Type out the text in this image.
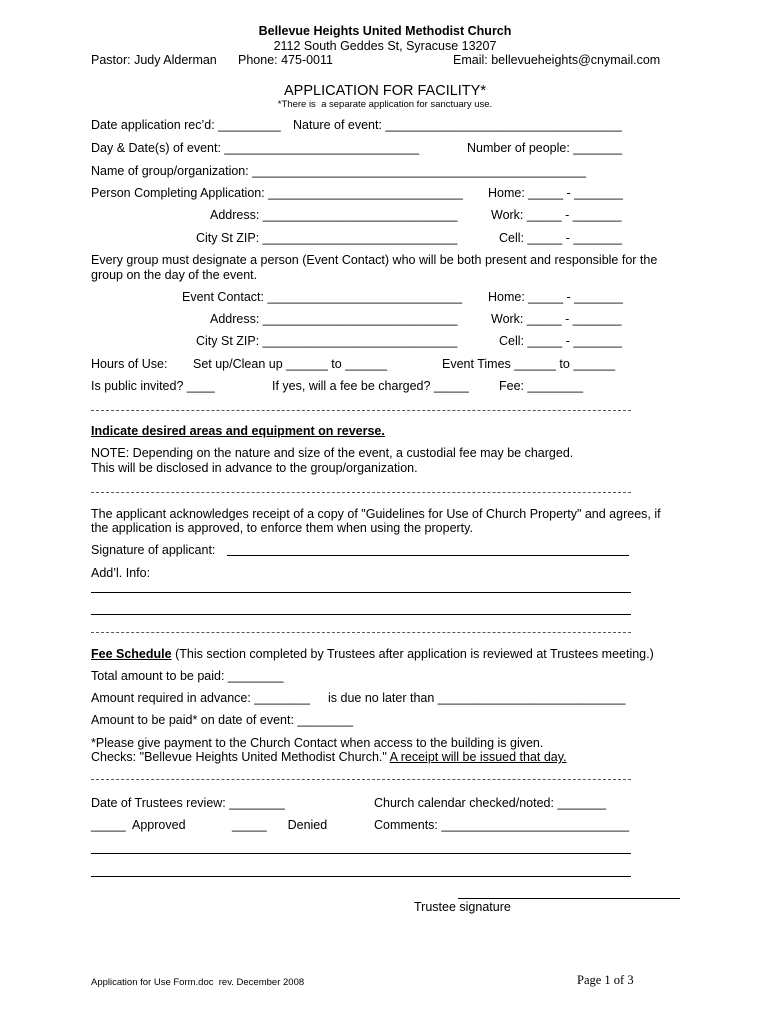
Bellevue Heights United Methodist Church
2112 South Geddes St, Syracuse 13207
Pastor: Judy Alderman Phone: 475-0011	Email: bellevueheights@cnymail.com
APPLICATION FOR FACILITY*
*There is  a separate application for sanctuary use.
Date application rec’d: _________ Nature of event: __________________________________
Day & Date(s) of event: ____________________________	Number of people: _______
Name of group/organization: ________________________________________________
Person Completing Application: ____________________________ Home: _____ - _______
Address: ____________________________	Work: _____ - _______
City St ZIP: ____________________________	Cell: _____ - _______
Every group must designate a person (Event Contact) who will be both present and responsible for the
group on the day of the event.
Event Contact: ____________________________ Home: _____ - _______
Address: ____________________________	Work: _____ - _______
City St ZIP: ____________________________	Cell: _____ - _______
Hours of Use: Set up/Clean up ______ to ______	Event Times ______ to ______
Is public invited? ____	If yes, will a fee be charged? _____ Fee: ________
Indicate desired areas and equipment on reverse.
NOTE: Depending on the nature and size of the event, a custodial fee may be charged.
This will be disclosed in advance to the group/organization.
The applicant acknowledges receipt of a copy of "Guidelines for Use of Church Property" and agrees, if
the application is approved, to enforce them when using the property.
Signature of applicant:
Add’l. Info:
Fee Schedule (This section completed by Trustees after application is reviewed at Trustees meeting.)
Total amount to be paid: ________
Amount required in advance: ________ is due no later than ___________________________
Amount to be paid* on date of event: ________
*Please give payment to the Church Contact when access to the building is given.
Checks: "Bellevue Heights United Methodist Church." A receipt will be issued that day.
Date of Trustees review: ________	Church calendar checked/noted: _______
_____  Approved	_____      Denied	Comments: ___________________________
Trustee signature
Application for Use Form.doc  rev. December 2008	Page 1 of 3
